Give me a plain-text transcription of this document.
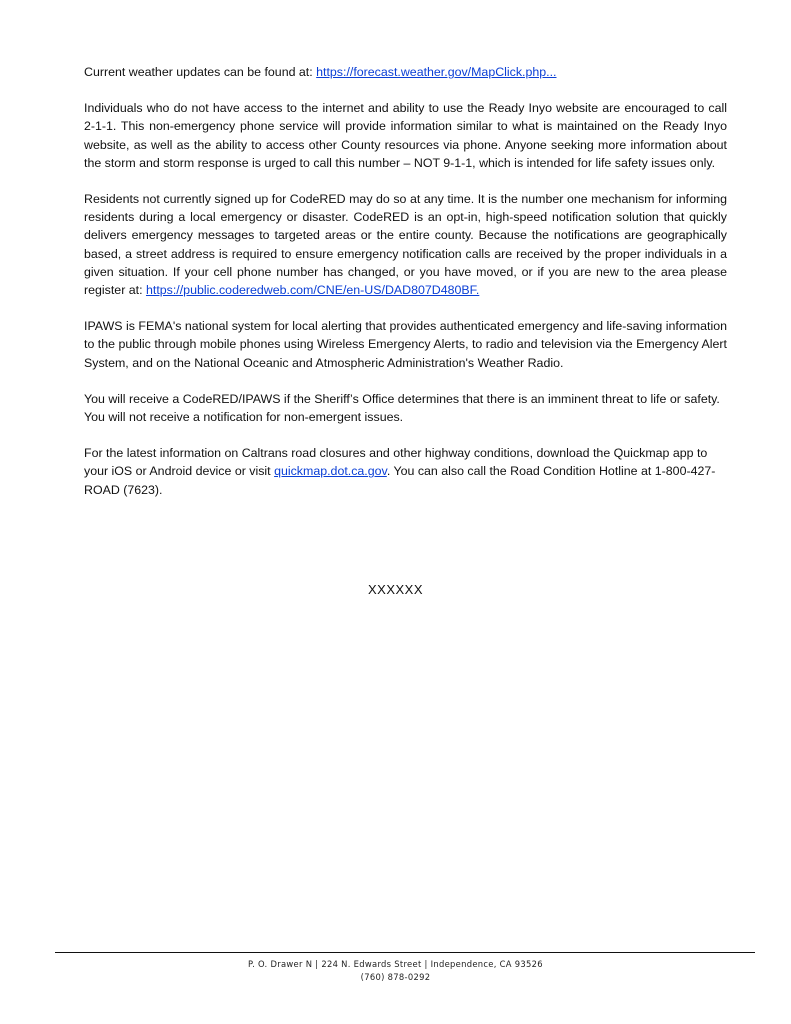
Current weather updates can be found at: https://forecast.weather.gov/MapClick.php...

Individuals who do not have access to the internet and ability to use the Ready Inyo website are encouraged to call 2-1-1. This non-emergency phone service will provide information similar to what is maintained on the Ready Inyo website, as well as the ability to access other County resources via phone. Anyone seeking more information about the storm and storm response is urged to call this number – NOT 9-1-1, which is intended for life safety issues only.

Residents not currently signed up for CodeRED may do so at any time. It is the number one mechanism for informing residents during a local emergency or disaster. CodeRED is an opt-in, high-speed notification solution that quickly delivers emergency messages to targeted areas or the entire county. Because the notifications are geographically based, a street address is required to ensure emergency notification calls are received by the proper individuals in a given situation. If your cell phone number has changed, or you have moved, or if you are new to the area please register at: https://public.coderedweb.com/CNE/en-US/DAD807D480BF.

IPAWS is FEMA's national system for local alerting that provides authenticated emergency and life-saving information to the public through mobile phones using Wireless Emergency Alerts, to radio and television via the Emergency Alert System, and on the National Oceanic and Atmospheric Administration's Weather Radio.

You will receive a CodeRED/IPAWS if the Sheriff’s Office determines that there is an imminent threat to life or safety. You will not receive a notification for non-emergent issues.

For the latest information on Caltrans road closures and other highway conditions, download the Quickmap app to your iOS or Android device or visit quickmap.dot.ca.gov. You can also call the Road Condition Hotline at 1-800-427-ROAD (7623).

XXXXXX
P. O. Drawer N | 224 N. Edwards Street | Independence, CA 93526
(760) 878-0292
